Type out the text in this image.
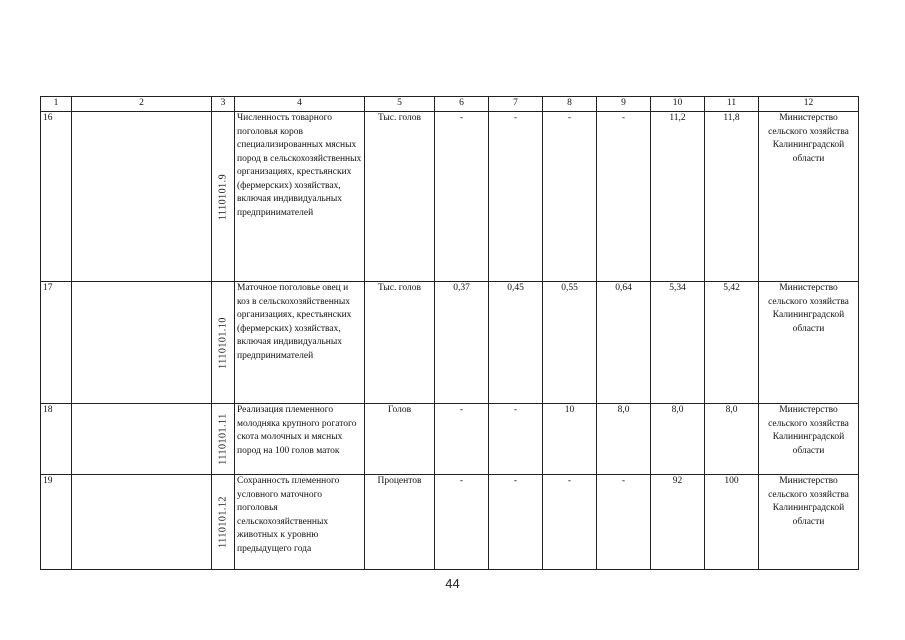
1	2	3	4	5	6	7	8	9	10	11	12
16		1110101.9	Численность товарного поголовья коров специализированных мясных пород в сельскохозяйственных организациях, крестьянских (фермерских) хозяйствах, включая индивидуальных предпринимателей	Тыс. голов	-	-	-	-	11,2	11,8	Министерство сельского хозяйства Калининградской области
17		1110101.10	Маточное поголовье овец и коз в сельскохозяйственных организациях, крестьянских (фермерских) хозяйствах, включая индивидуальных предпринимателей	Тыс. голов	0,37	0,45	0,55	0,64	5,34	5,42	Министерство сельского хозяйства Калининградской области
18		1110101.11	Реализация племенного молодняка крупного рогатого скота молочных и мясных пород на 100 голов маток	Голов	-	-	10	8,0	8,0	8,0	Министерство сельского хозяйства Калининградской области
19		1110101.12	Сохранность племенного условного маточного поголовья сельскохозяйственных животных к уровню предыдущего года	Процентов	-	-	-	-	92	100	Министерство сельского хозяйства Калининградской области
44
